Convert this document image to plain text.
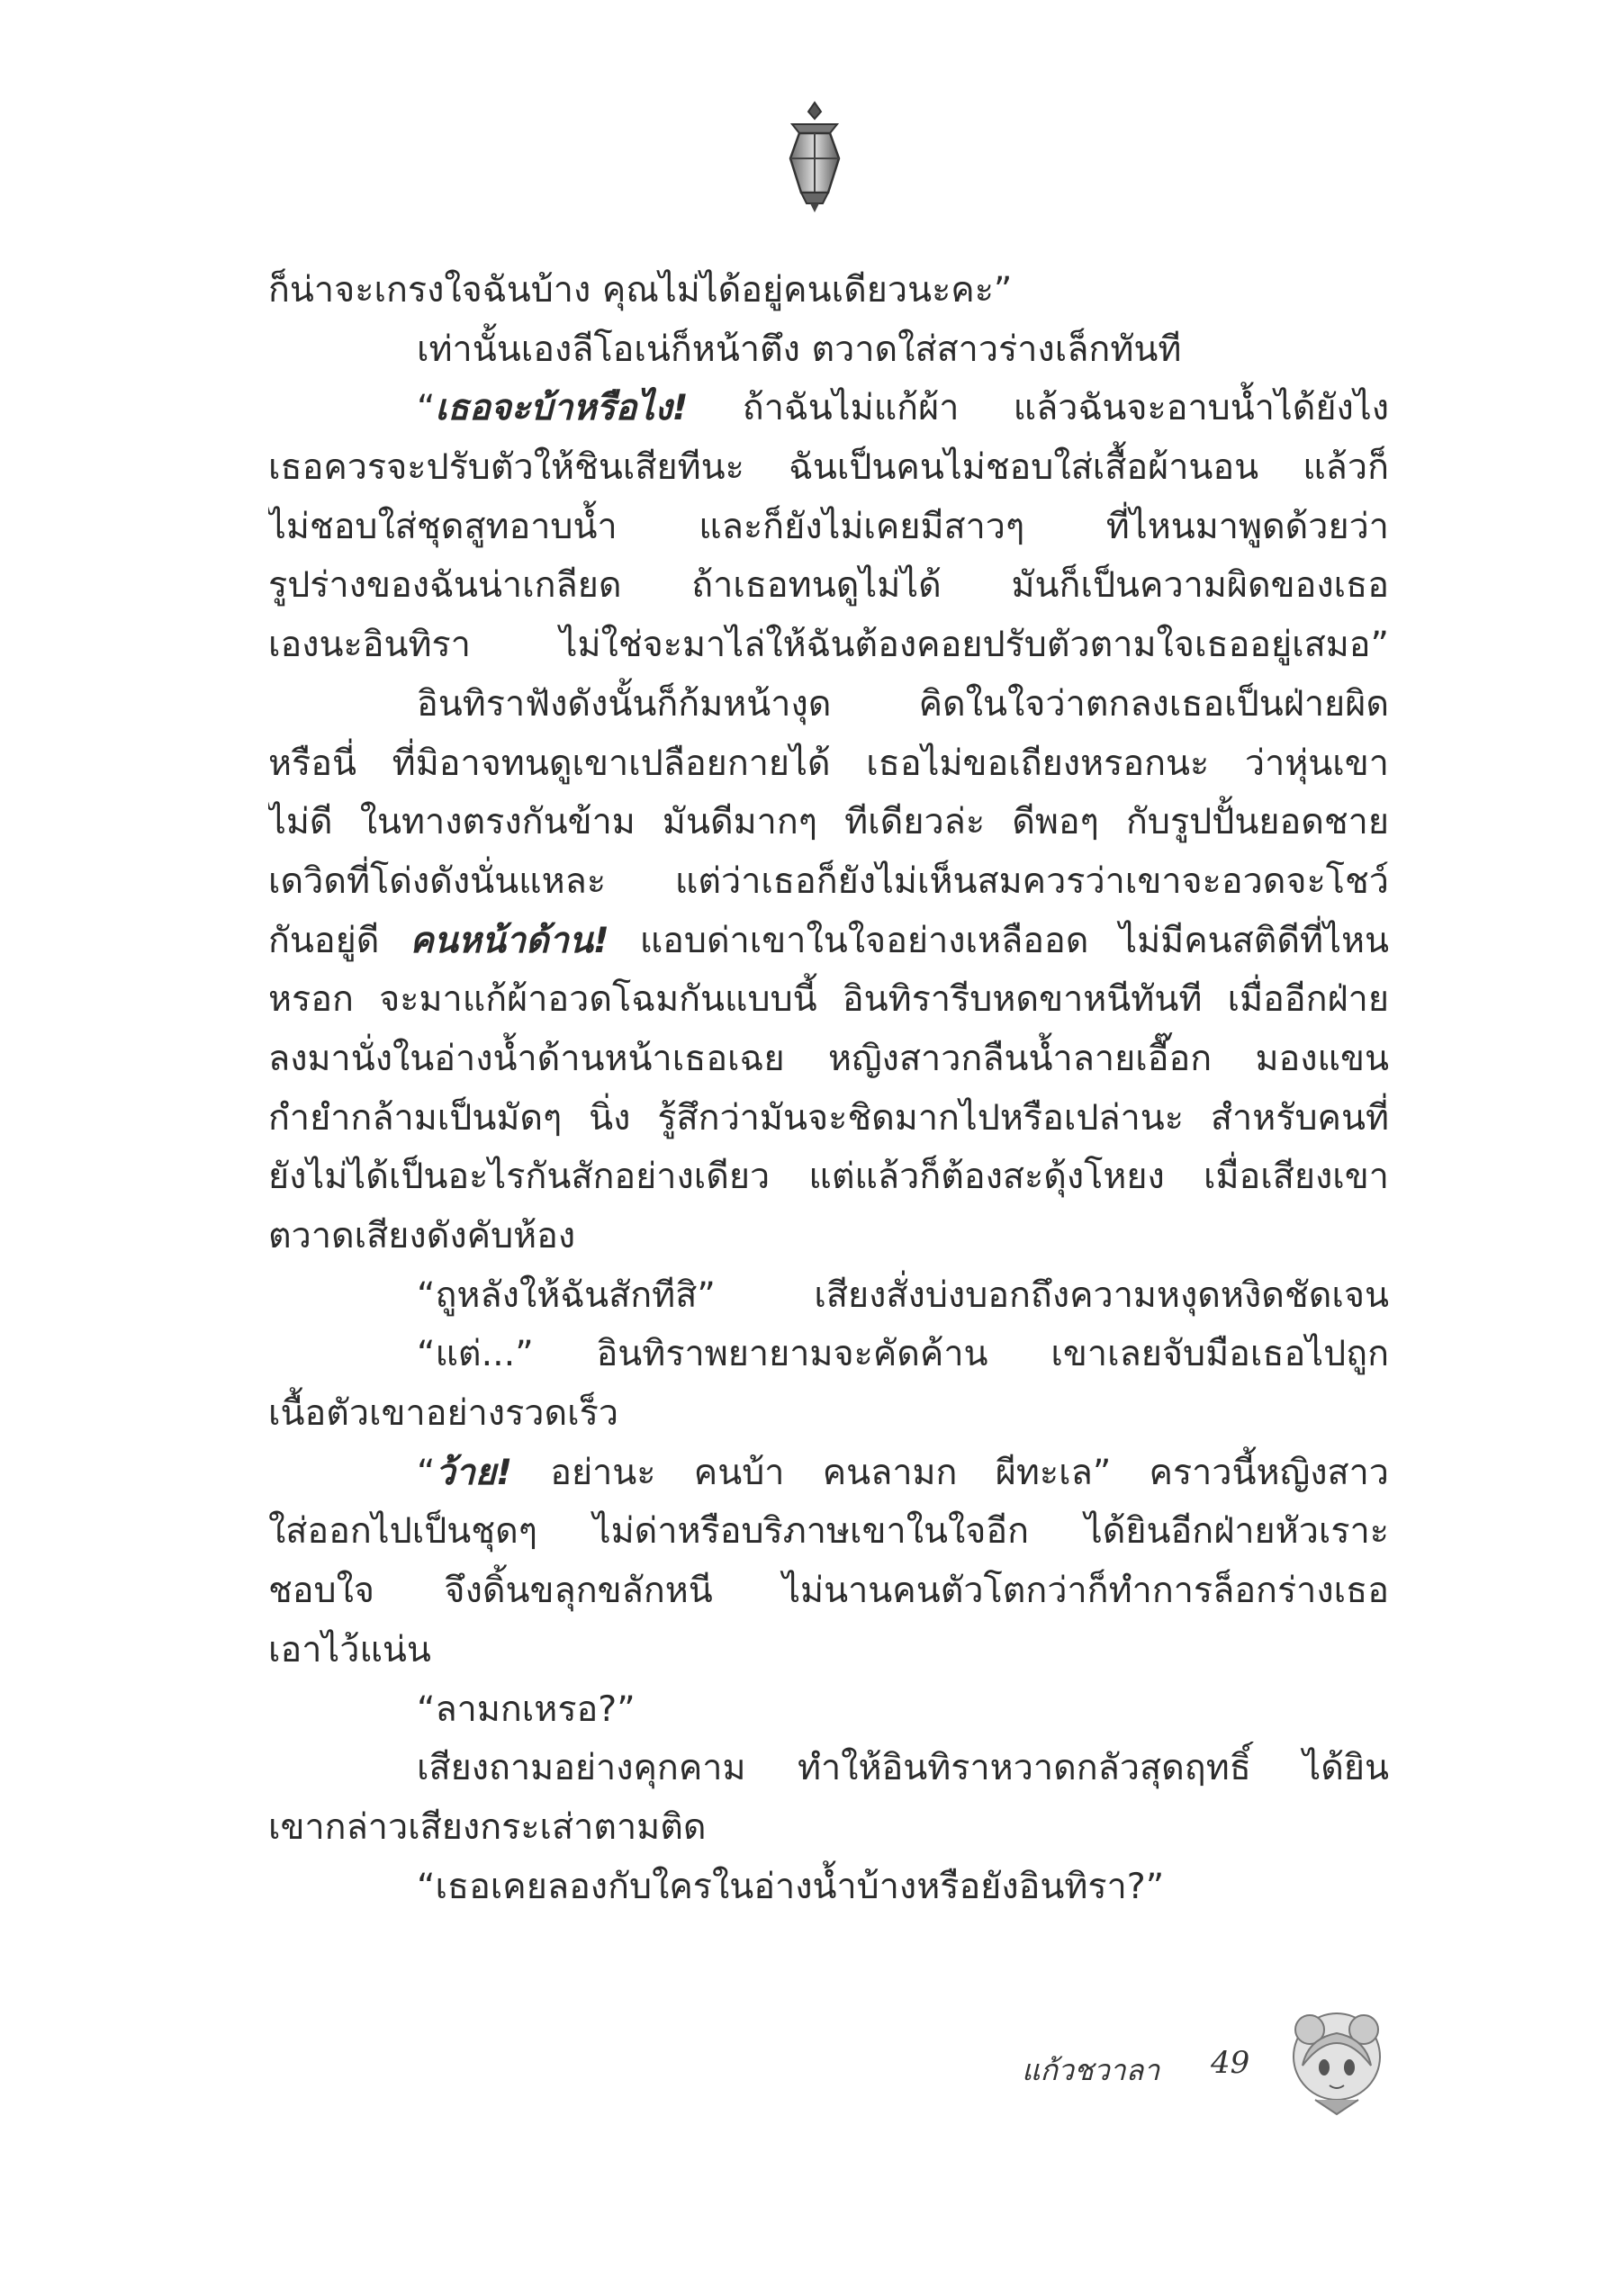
ก็น่าจะเกรงใจฉันบ้าง คุณไม่ได้อยู่คนเดียวนะคะ”
เท่านั้นเองลีโอเน่ก็หน้าตึง ตวาดใส่สาวร่างเล็กทันที
“เธอจะบ้าหรือไง! ถ้าฉันไม่แก้ผ้า แล้วฉันจะอาบน้ำได้ยังไง
เธอควรจะปรับตัวให้ชินเสียทีนะ ฉันเป็นคนไม่ชอบใส่เสื้อผ้านอน แล้วก็
ไม่ชอบใส่ชุดสูทอาบน้ำ และก็ยังไม่เคยมีสาวๆ ที่ไหนมาพูดด้วยว่า
รูปร่างของฉันน่าเกลียด ถ้าเธอทนดูไม่ได้ มันก็เป็นความผิดของเธอ
เองนะอินทิรา ไม่ใช่จะมาไล่ให้ฉันต้องคอยปรับตัวตามใจเธออยู่เสมอ”
อินทิราฟังดังนั้นก็ก้มหน้างุด คิดในใจว่าตกลงเธอเป็นฝ่ายผิด
หรือนี่ ที่มิอาจทนดูเขาเปลือยกายได้ เธอไม่ขอเถียงหรอกนะ ว่าหุ่นเขา
ไม่ดี ในทางตรงกันข้าม มันดีมากๆ ทีเดียวล่ะ ดีพอๆ กับรูปปั้นยอดชาย
เดวิดที่โด่งดังนั่นแหละ แต่ว่าเธอก็ยังไม่เห็นสมควรว่าเขาจะอวดจะโชว์
กันอยู่ดี คนหน้าด้าน! แอบด่าเขาในใจอย่างเหลืออด ไม่มีคนสติดีที่ไหน
หรอก จะมาแก้ผ้าอวดโฉมกันแบบนี้ อินทิรารีบหดขาหนีทันที เมื่ออีกฝ่าย
ลงมานั่งในอ่างน้ำด้านหน้าเธอเฉย หญิงสาวกลืนน้ำลายเอื๊อก มองแขน
กำยำกล้ามเป็นมัดๆ นิ่ง รู้สึกว่ามันจะชิดมากไปหรือเปล่านะ สำหรับคนที่
ยังไม่ได้เป็นอะไรกันสักอย่างเดียว แต่แล้วก็ต้องสะดุ้งโหยง เมื่อเสียงเขา
ตวาดเสียงดังคับห้อง
“ถูหลังให้ฉันสักทีสิ” เสียงสั่งบ่งบอกถึงความหงุดหงิดชัดเจน
“แต่...” อินทิราพยายามจะคัดค้าน เขาเลยจับมือเธอไปถูก
เนื้อตัวเขาอย่างรวดเร็ว
“ว้าย! อย่านะ คนบ้า คนลามก ผีทะเล” คราวนี้หญิงสาว
ใส่ออกไปเป็นชุดๆ ไม่ด่าหรือบริภาษเขาในใจอีก ได้ยินอีกฝ่ายหัวเราะ
ชอบใจ จึงดิ้นขลุกขลักหนี ไม่นานคนตัวโตกว่าก็ทำการล็อกร่างเธอ
เอาไว้แน่น
“ลามกเหรอ?”
เสียงถามอย่างคุกคาม ทำให้อินทิราหวาดกลัวสุดฤทธิ์ ได้ยิน
เขากล่าวเสียงกระเส่าตามติด
“เธอเคยลองกับใครในอ่างน้ำบ้างหรือยังอินทิรา?”
แก้วชวาลา 49
